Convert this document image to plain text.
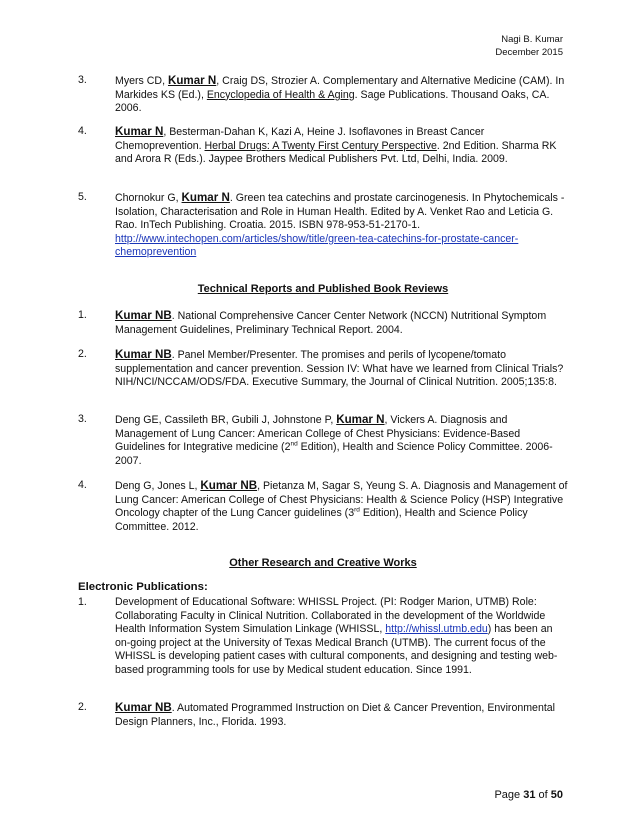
Nagi B. Kumar
December 2015
3.	Myers CD, Kumar N, Craig DS, Strozier A. Complementary and Alternative Medicine (CAM). In Markides KS (Ed.), Encyclopedia of Health & Aging. Sage Publications. Thousand Oaks, CA. 2006.
4.	Kumar N, Besterman-Dahan K, Kazi A, Heine J. Isoflavones in Breast Cancer Chemoprevention. Herbal Drugs: A Twenty First Century Perspective. 2nd Edition. Sharma RK and Arora R (Eds.). Jaypee Brothers Medical Publishers Pvt. Ltd, Delhi, India. 2009.
5.	Chornokur G, Kumar N. Green tea catechins and prostate carcinogenesis. In Phytochemicals - Isolation, Characterisation and Role in Human Health. Edited by A. Venket Rao and Leticia G. Rao. InTech Publishing. Croatia. 2015. ISBN 978-953-51-2170-1. http://www.intechopen.com/articles/show/title/green-tea-catechins-for-prostate-cancer-chemoprevention
Technical Reports and Published Book Reviews
1.	Kumar NB. National Comprehensive Cancer Center Network (NCCN) Nutritional Symptom Management Guidelines, Preliminary Technical Report. 2004.
2.	Kumar NB. Panel Member/Presenter. The promises and perils of lycopene/tomato supplementation and cancer prevention. Session IV: What have we learned from Clinical Trials? NIH/NCI/NCCAM/ODS/FDA. Executive Summary, the Journal of Clinical Nutrition. 2005;135:8.
3.	Deng GE, Cassileth BR, Gubili J, Johnstone P, Kumar N, Vickers A. Diagnosis and Management of Lung Cancer: American College of Chest Physicians: Evidence-Based Guidelines for Integrative medicine (2nd Edition), Health and Science Policy Committee. 2006-2007.
4.	Deng G, Jones L, Kumar NB, Pietanza M, Sagar S, Yeung S. A. Diagnosis and Management of Lung Cancer: American College of Chest Physicians: Health & Science Policy (HSP) Integrative Oncology chapter of the Lung Cancer guidelines (3rd Edition), Health and Science Policy Committee. 2012.
Other Research and Creative Works
Electronic Publications:
1.	Development of Educational Software: WHISSL Project. (PI: Rodger Marion, UTMB) Role: Collaborating Faculty in Clinical Nutrition. Collaborated in the development of the Worldwide Health Information System Simulation Linkage (WHISSL, http://whissl.utmb.edu) has been an on-going project at the University of Texas Medical Branch (UTMB). The current focus of the WHISSL is developing patient cases with cultural components, and designing and testing web-based programming tools for use by Medical student education. Since 1991.
2.	Kumar NB. Automated Programmed Instruction on Diet & Cancer Prevention, Environmental Design Planners, Inc., Florida. 1993.
Page 31 of 50
